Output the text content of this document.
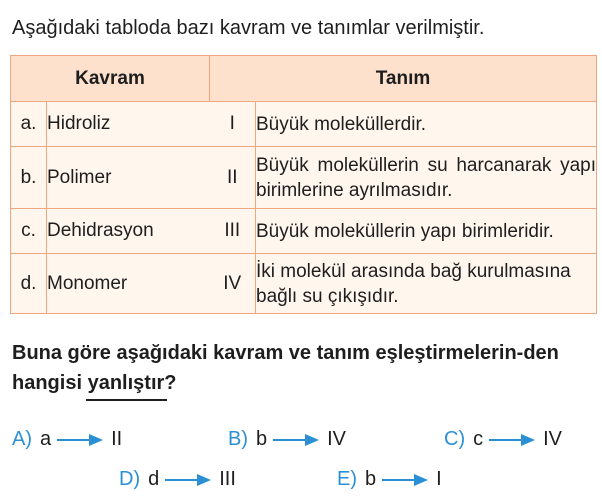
Aşağıdaki tabloda bazı kavram ve tanımlar verilmiştir.
Kavram		Tanım	
a.	Hidroliz	I	Büyük moleküllerdir.
b.	Polimer	II	Büyük moleküllerin su harcanarak yapı birimlerine ayrılmasıdır.
c.	Dehidrasyon	III	Büyük moleküllerin yapı birimleridir.
d.	Monomer	IV	İki molekül arasında bağ kurulmasına bağlı su çıkışıdır.
Buna göre aşağıdaki kavram ve tanım eşleştirmelerin-den hangisi yanlıştır?
A) a	II	B) b	IV	C) c	IV
D) d	III	E) b	I
